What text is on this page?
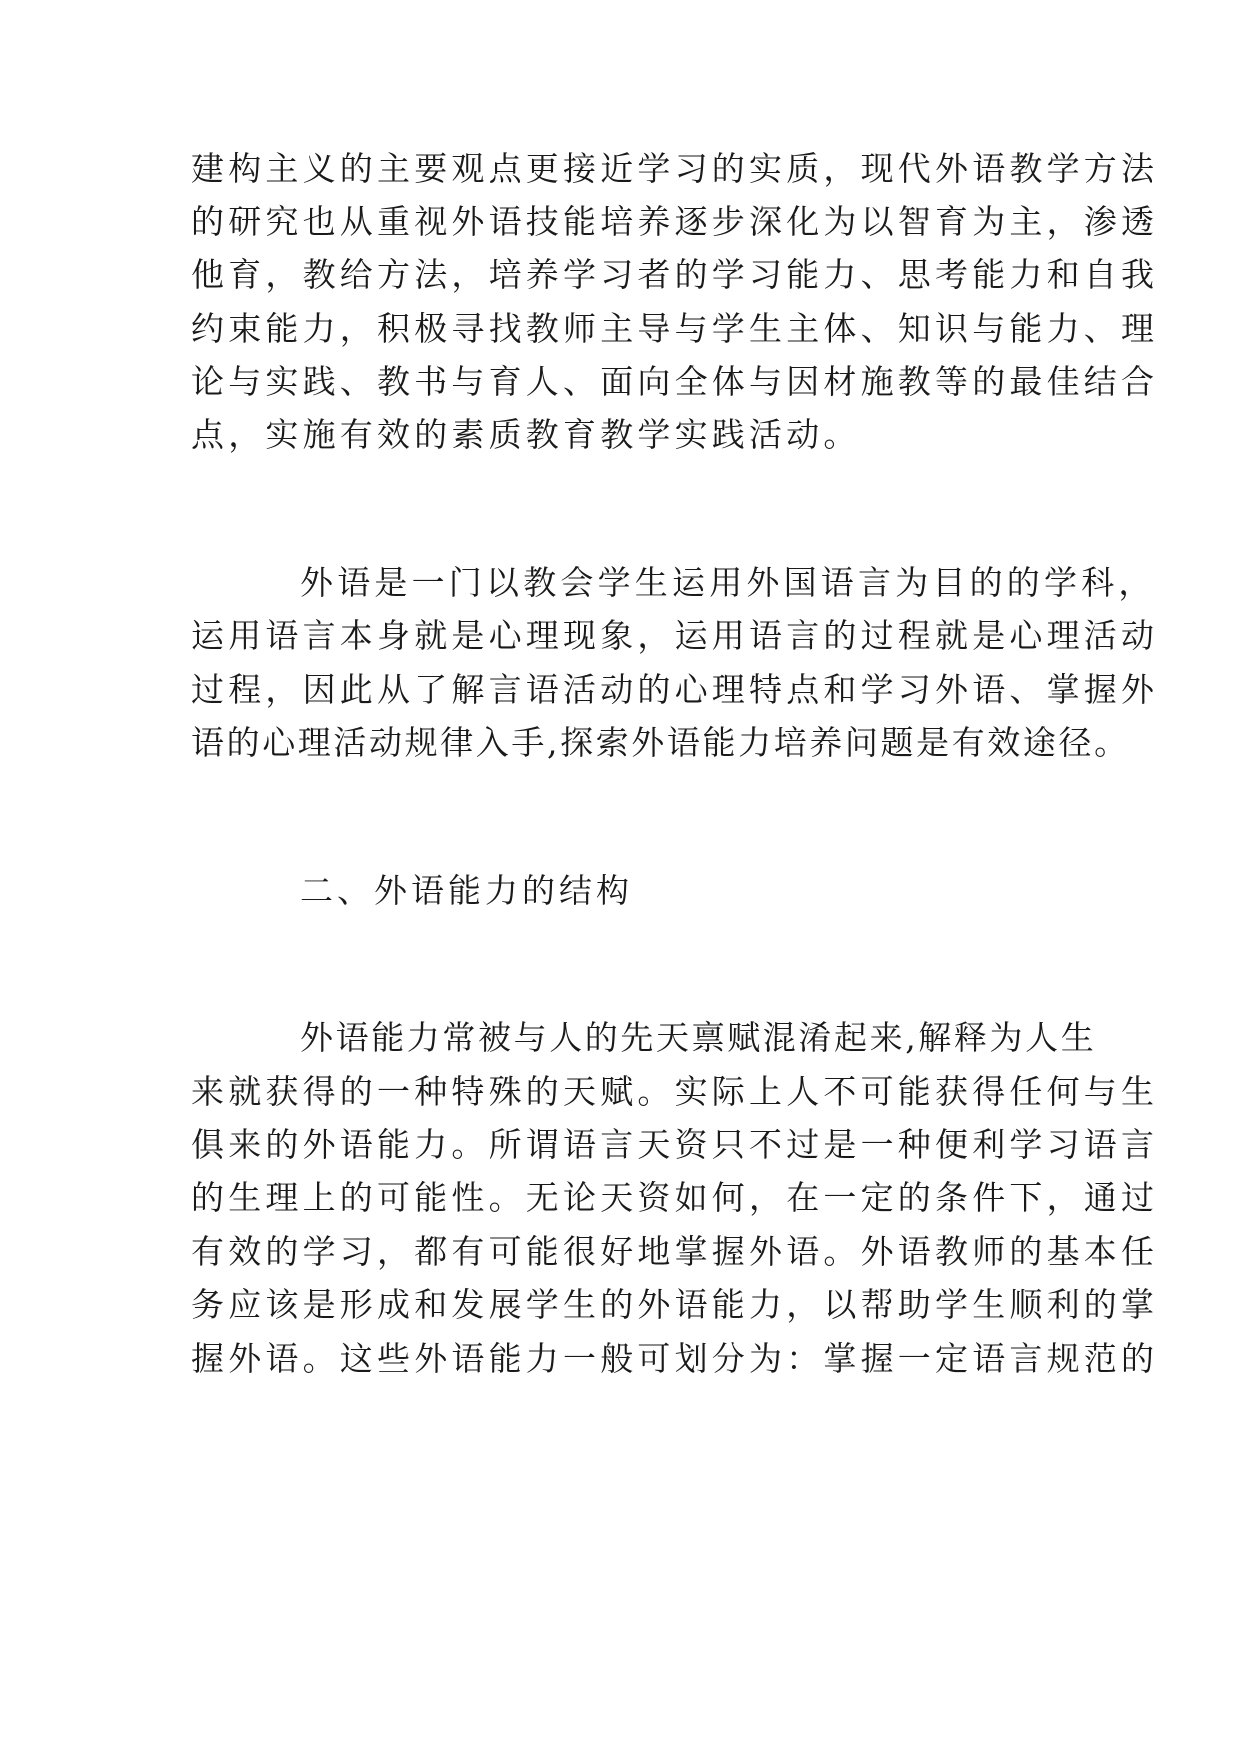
建构主义的主要观点更接近学习的实质，现代外语教学方法
的研究也从重视外语技能培养逐步深化为以智育为主，渗透
他育，教给方法，培养学习者的学习能力、思考能力和自我
约束能力，积极寻找教师主导与学生主体、知识与能力、理
论与实践、教书与育人、面向全体与因材施教等的最佳结合
点，实施有效的素质教育教学实践活动。
外语是一门以教会学生运用外国语言为目的的学科，
运用语言本身就是心理现象，运用语言的过程就是心理活动
过程，因此从了解言语活动的心理特点和学习外语、掌握外
语的心理活动规律入手,探索外语能力培养问题是有效途径。
二、外语能力的结构
外语能力常被与人的先天禀赋混淆起来,解释为人生
来就获得的一种特殊的天赋。实际上人不可能获得任何与生
俱来的外语能力。所谓语言天资只不过是一种便利学习语言
的生理上的可能性。无论天资如何，在一定的条件下，通过
有效的学习，都有可能很好地掌握外语。外语教师的基本任
务应该是形成和发展学生的外语能力，以帮助学生顺利的掌
握外语。这些外语能力一般可划分为：掌握一定语言规范的
